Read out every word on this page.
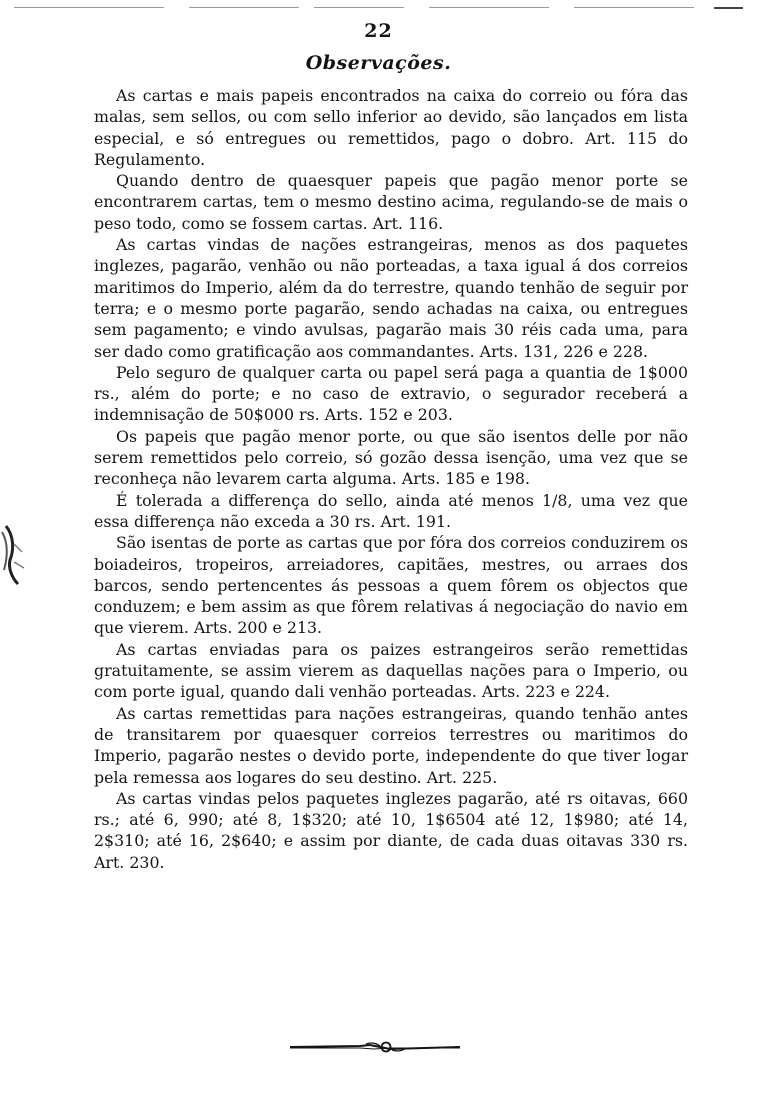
22
Observações.

As cartas e mais papeis encontrados na caixa do correio ou fóra das malas, sem sellos, ou com sello inferior ao devido, são lançados em lista especial, e só entregues ou remettidos, pago o dobro. Art. 115 do Regulamento.

Quando dentro de quaesquer papeis que pagão menor porte se encontrarem cartas, tem o mesmo destino acima, regulando-se de mais o peso todo, como se fossem cartas. Art. 116.

As cartas vindas de nações estrangeiras, menos as dos paquetes inglezes, pagarão, venhão ou não porteadas, a taxa igual á dos correios maritimos do Imperio, além da do terrestre, quando tenhão de seguir por terra; e o mesmo porte pagarão, sendo achadas na caixa, ou entregues sem pagamento; e vindo avulsas, pagarão mais 30 réis cada uma, para ser dado como gratificação aos commandantes. Arts. 131, 226 e 228.

Pelo seguro de qualquer carta ou papel será paga a quantia de 1$000 rs., além do porte; e no caso de extravio, o segurador receberá a indemnisação de 50$000 rs. Arts. 152 e 203.

Os papeis que pagão menor porte, ou que são isentos delle por não serem remettidos pelo correio, só gozão dessa isenção, uma vez que se reconheça não levarem carta alguma. Arts. 185 e 198.

É tolerada a differença do sello, ainda até menos 1/8, uma vez que essa differença não exceda a 30 rs. Art. 191.

São isentas de porte as cartas que por fóra dos correios conduzirem os boiadeiros, tropeiros, arreiadores, capitães, mestres, ou arraes dos barcos, sendo pertencentes ás pessoas a quem fôrem os objectos que conduzem; e bem assim as que fôrem relativas á negociação do navio em que vierem. Arts. 200 e 213.

As cartas enviadas para os paizes estrangeiros serão remettidas gratuitamente, se assim vierem as daquellas nações para o Imperio, ou com porte igual, quando dali venhão porteadas. Arts. 223 e 224.

As cartas remettidas para nações estrangeiras, quando tenhão antes de transitarem por quaesquer correios terrestres ou maritimos do Imperio, pagarão nestes o devido porte, independente do que tiver logar pela remessa aos logares do seu destino. Art. 225.

As cartas vindas pelos paquetes inglezes pagarão, até rs oitavas, 660 rs.; até 6, 990; até 8, 1$320; até 10, 1$6504 até 12, 1$980; até 14, 2$310; até 16, 2$640; e assim por diante, de cada duas oitavas 330 rs. Art. 230.
